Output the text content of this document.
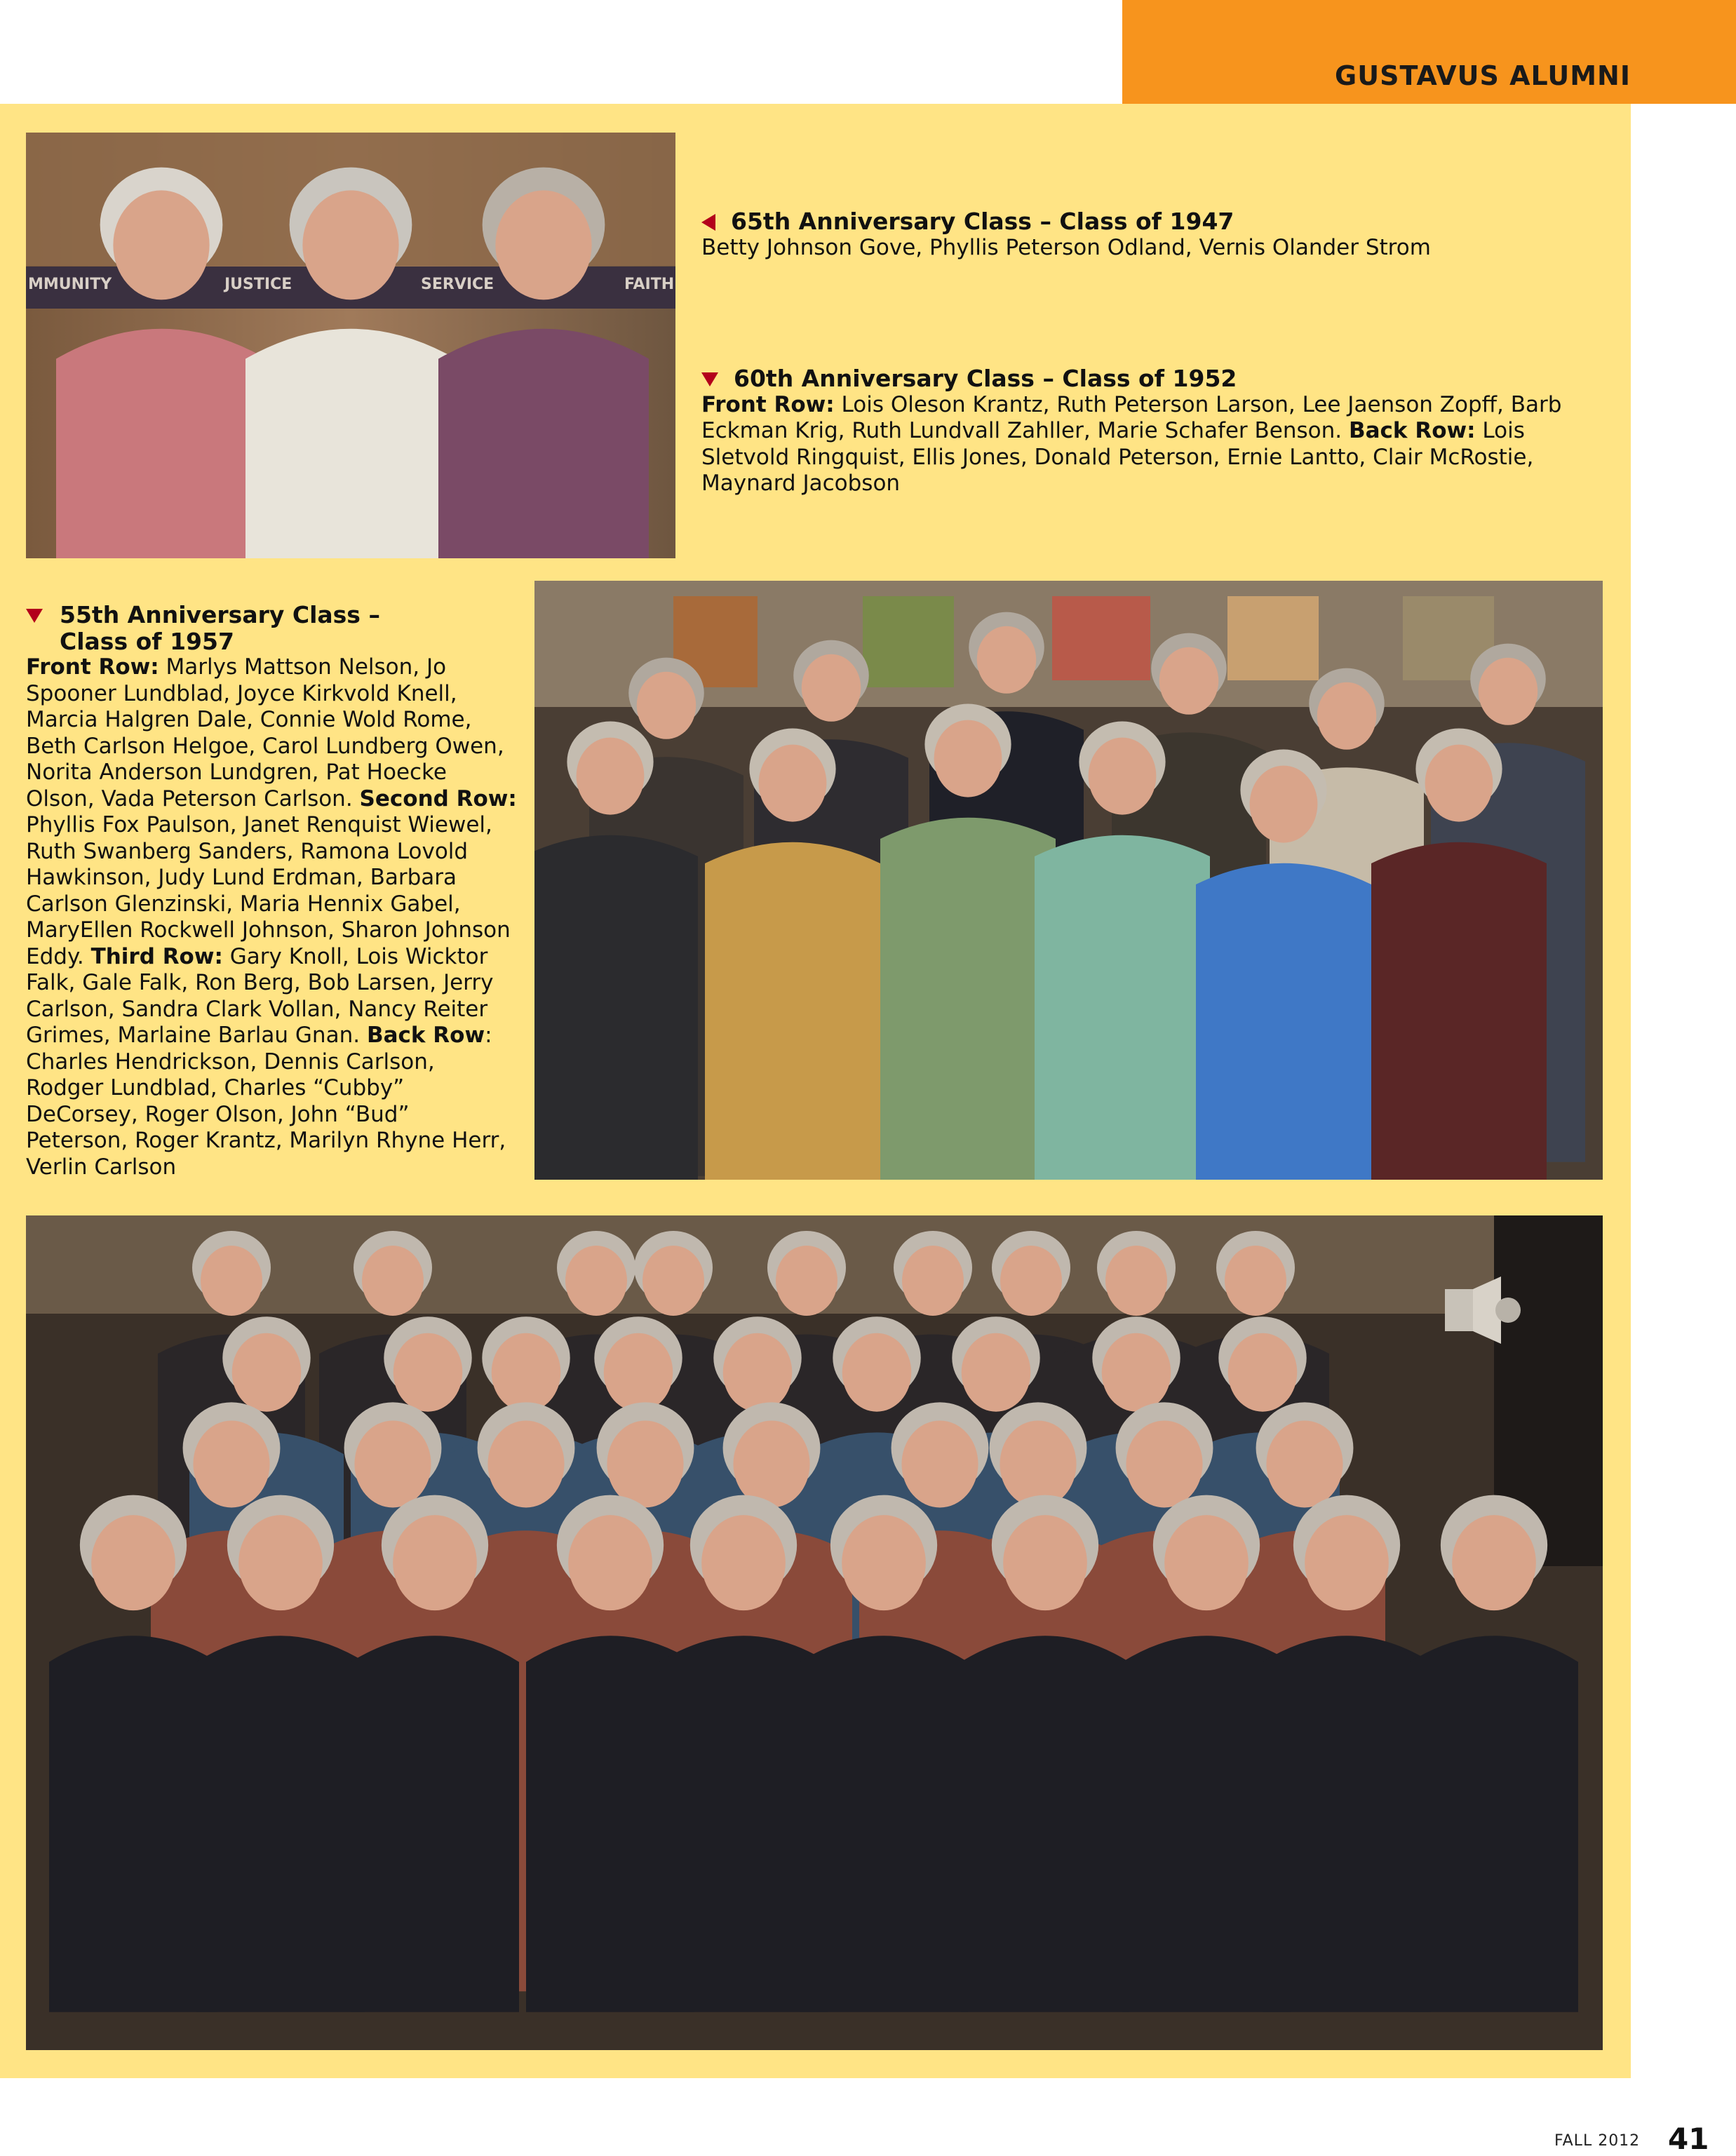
GUSTAVUS ALUMNI
MMUNITY	JUSTICE	SERVICE	FAITH
65th Anniversary Class – Class of 1947
Betty Johnson Gove, Phyllis Peterson Odland, Vernis Olander Strom
60th Anniversary Class – Class of 1952
Front Row: Lois Oleson Krantz, Ruth Peterson Larson, Lee Jaenson Zopff, Barb Eckman Krig, Ruth Lundvall Zahller, Marie Schafer Benson. Back Row: Lois Sletvold Ringquist, Ellis Jones, Donald Peterson, Ernie Lantto, Clair McRostie, Maynard Jacobson
55th Anniversary Class –
Class of 1957
Front Row: Marlys Mattson Nelson, Jo Spooner Lundblad, Joyce Kirkvold Knell, Marcia Halgren Dale, Connie Wold Rome, Beth Carlson Helgoe, Carol Lundberg Owen, Norita Anderson Lundgren, Pat Hoecke Olson, Vada Peterson Carlson. Second Row: Phyllis Fox Paulson, Janet Renquist Wiewel, Ruth Swanberg Sanders, Ramona Lovold Hawkinson, Judy Lund Erdman, Barbara Carlson Glenzinski, Maria Hennix Gabel, MaryEllen Rockwell Johnson, Sharon Johnson Eddy. Third Row: Gary Knoll, Lois Wicktor Falk, Gale Falk, Ron Berg, Bob Larsen, Jerry Carlson, Sandra Clark Vollan, Nancy Reiter Grimes, Marlaine Barlau Gnan. Back Row: Charles Hendrickson, Dennis Carlson, Rodger Lundblad, Charles “Cubby” DeCorsey, Roger Olson, John “Bud” Peterson, Roger Krantz, Marilyn Rhyne Herr, Verlin Carlson
FALL 2012 41
